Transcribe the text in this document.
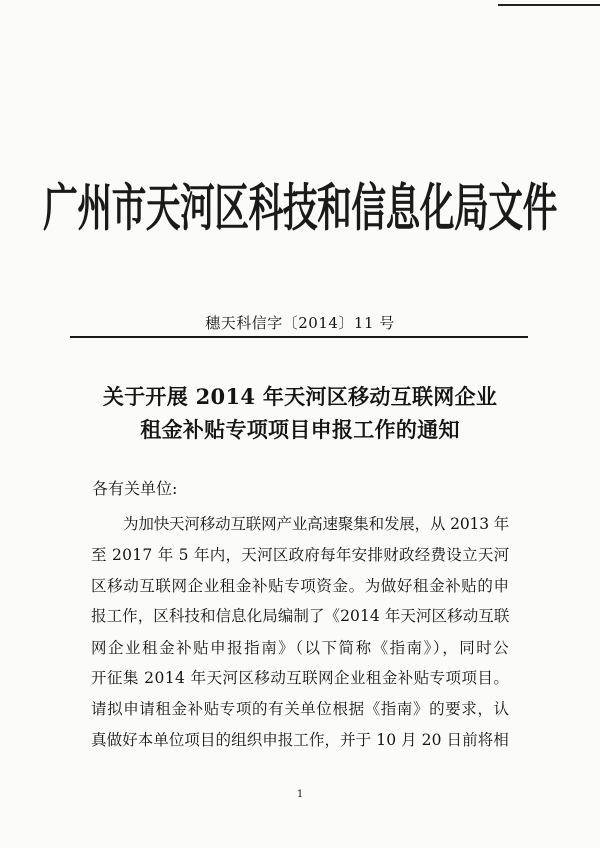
广州市天河区科技和信息化局文件
穗天科信字〔2014〕11 号
关于开展 2014 年天河区移动互联网企业
租金补贴专项项目申报工作的通知
各有关单位:
为加快天河移动互联网产业高速聚集和发展，从 2013 年
至 2017 年 5 年内，天河区政府每年安排财政经费设立天河
区移动互联网企业租金补贴专项资金。为做好租金补贴的申
报工作，区科技和信息化局编制了《2014 年天河区移动互联
网企业租金补贴申报指南》（以下简称《指南》），同时公
开征集 2014 年天河区移动互联网企业租金补贴专项项目。
请拟申请租金补贴专项的有关单位根据《指南》的要求，认
真做好本单位项目的组织申报工作，并于 10 月 20 日前将相
1
